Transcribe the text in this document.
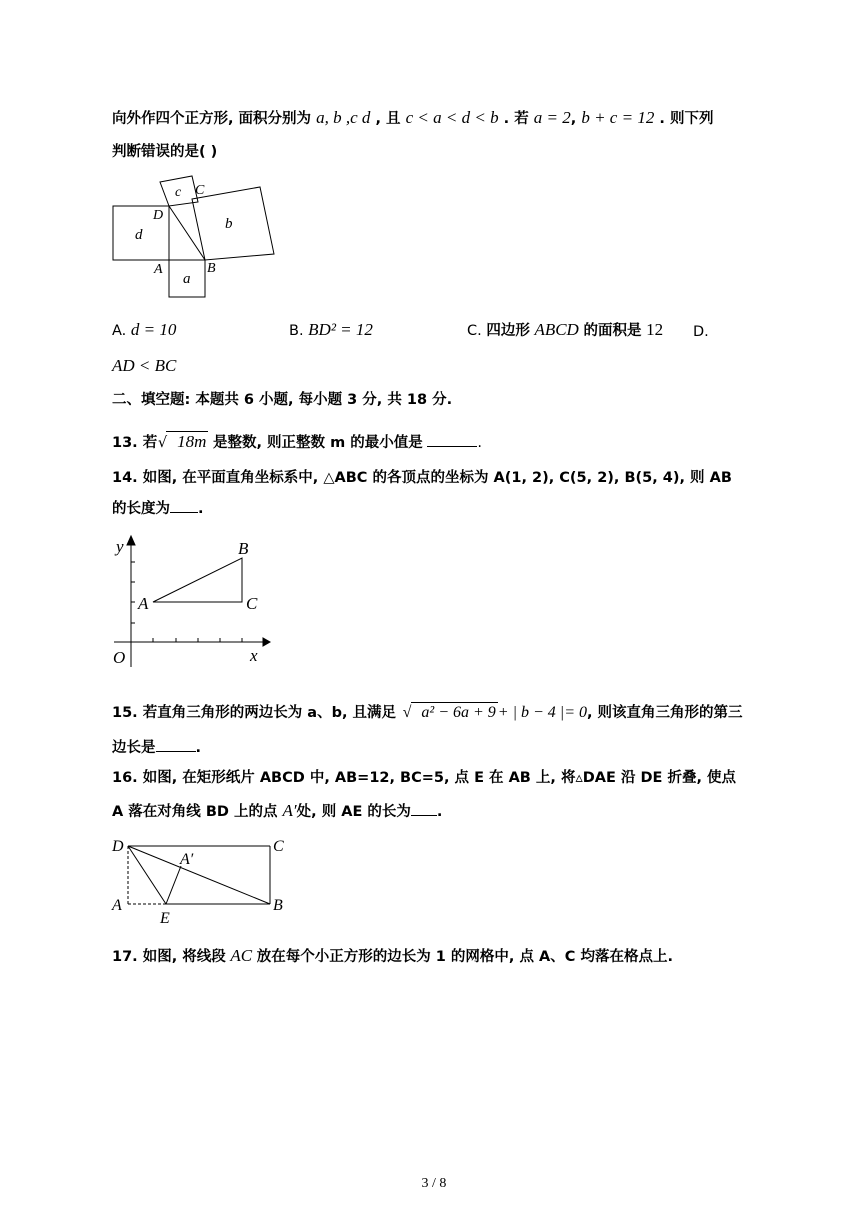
向外作四个正方形, 面积分别为 a, b ,c d , 且 c < a < d < b . 若 a = 2, b + c = 12 . 则下列
判断错误的是( )
c C
D
d
b
A
a
B
A. d = 10	B. BD² = 12	C. 四边形 ABCD 的面积是 12 D.
AD < BC
二、填空题: 本题共 6 小题, 每小题 3 分, 共 18 分.
13. 若 √ 18m 是整数, 则正整数 m 的最小值是	.
14. 如图, 在平面直角坐标系中, △ABC 的各顶点的坐标为 A(1, 2), C(5, 2), B(5, 4), 则 AB
的长度为 .
y
x
O
A
B
C
15. 若直角三角形的两边长为 a、b, 且满足 √ a² − 6a + 9 + | b − 4 |= 0, 则该直角三角形的第三
边长是	.
16. 如图, 在矩形纸片 ABCD 中, AB=12, BC=5, 点 E 在 AB 上, 将▵DAE 沿 DE 折叠, 使点
A 落在对角线 BD 上的点 A′处, 则 AE 的长为 .
D	C
A′
A
E
B
17. 如图, 将线段 AC 放在每个小正方形的边长为 1 的网格中, 点 A、C 均落在格点上.
3 / 8
